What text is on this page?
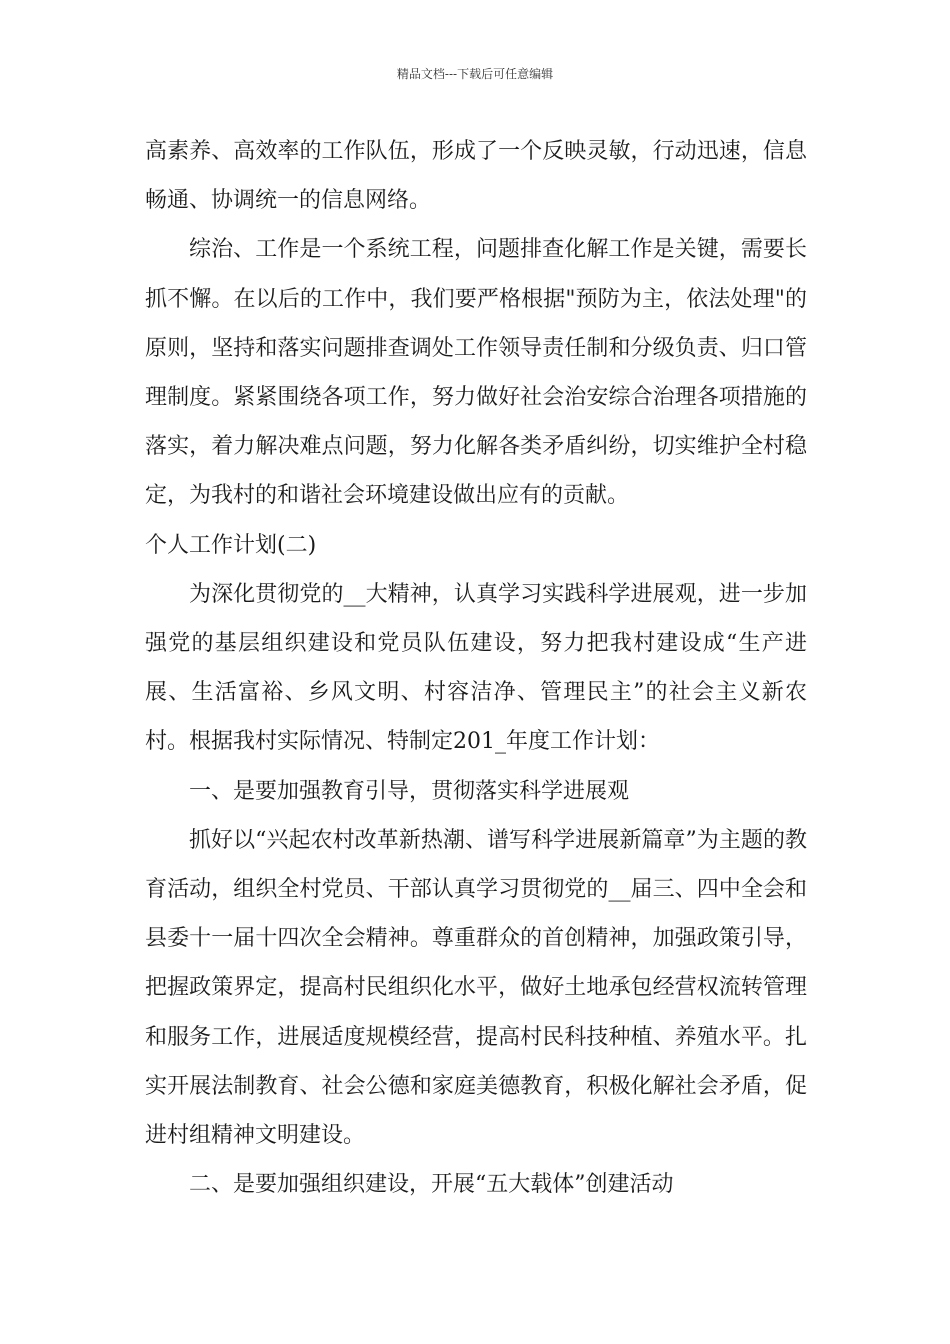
精品文档---下载后可任意编辑

高素养、高效率的工作队伍，形成了一个反映灵敏，行动迅速，信息畅通、协调统一的信息网络。

综治、工作是一个系统工程，问题排查化解工作是关键，需要长抓不懈。在以后的工作中，我们要严格根据"预防为主，依法处理"的原则，坚持和落实问题排查调处工作领导责任制和分级负责、归口管理制度。紧紧围绕各项工作，努力做好社会治安综合治理各项措施的落实，着力解决难点问题，努力化解各类矛盾纠纷，切实维护全村稳定，为我村的和谐社会环境建设做出应有的贡献。

个人工作计划(二)

为深化贯彻党的__大精神，认真学习实践科学进展观，进一步加强党的基层组织建设和党员队伍建设，努力把我村建设成“生产进展、生活富裕、乡风文明、村容洁净、管理民主”的社会主义新农村。根据我村实际情况、特制定201_年度工作计划：

一、是要加强教育引导，贯彻落实科学进展观

抓好以“兴起农村改革新热潮、谱写科学进展新篇章”为主题的教育活动，组织全村党员、干部认真学习贯彻党的__届三、四中全会和县委十一届十四次全会精神。尊重群众的首创精神，加强政策引导，把握政策界定，提高村民组织化水平，做好土地承包经营权流转管理和服务工作，进展适度规模经营，提高村民科技种植、养殖水平。扎实开展法制教育、社会公德和家庭美德教育，积极化解社会矛盾，促进村组精神文明建设。

二、是要加强组织建设，开展“五大载体”创建活动
